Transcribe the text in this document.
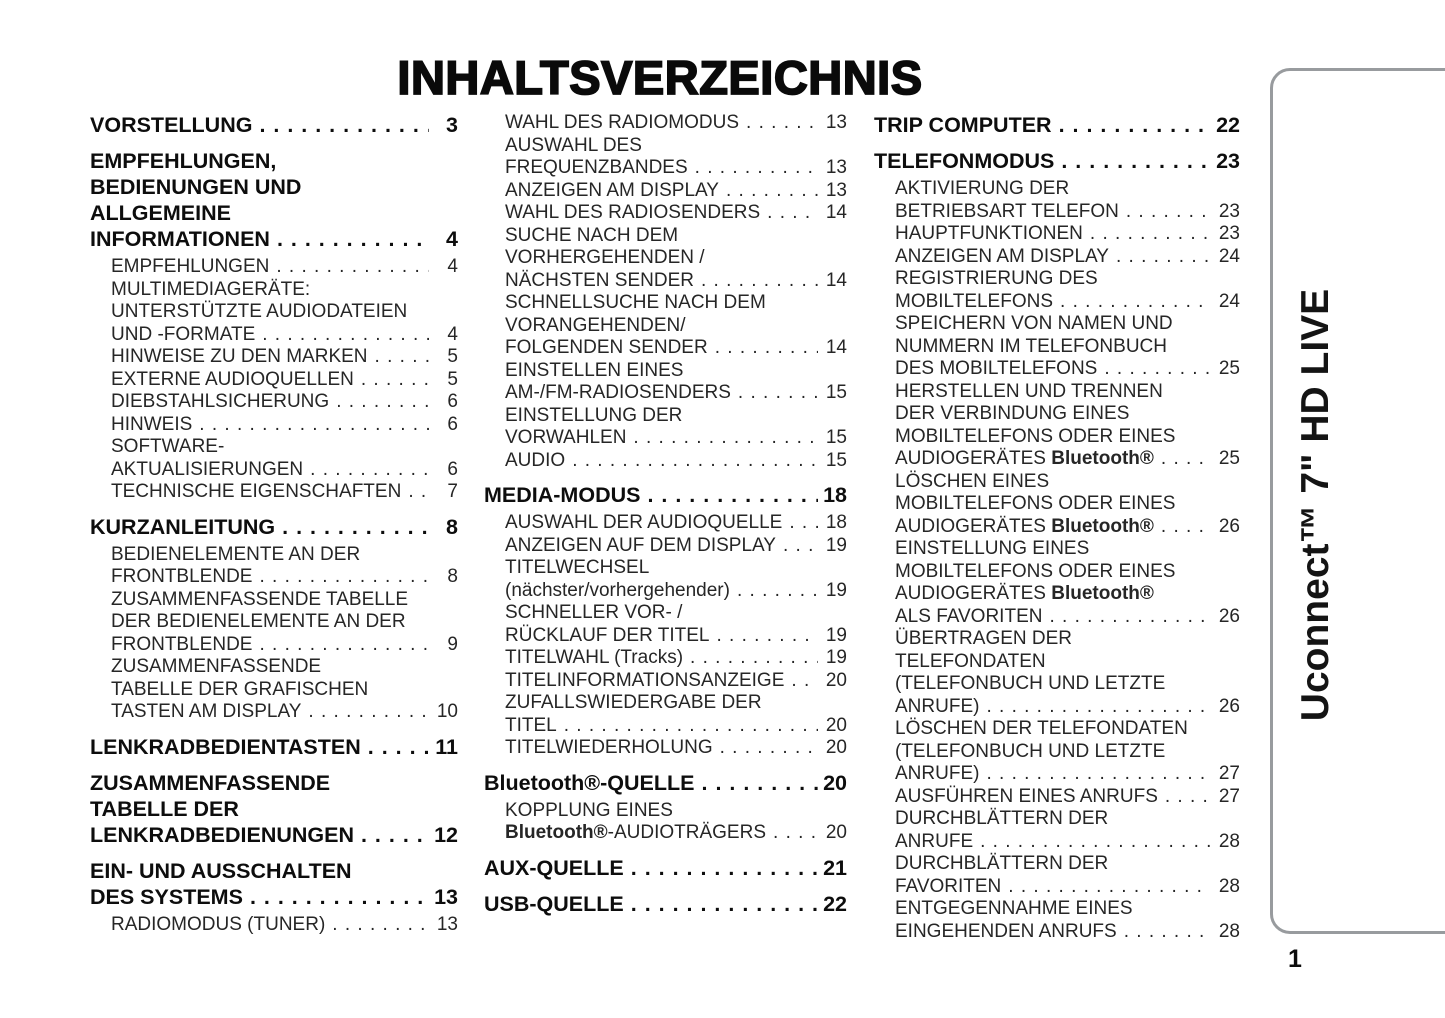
INHALTSVERZEICHNIS
VORSTELLUNG . . .	3
EMPFEHLUNGEN,
BEDIENUNGEN UND
ALLGEMEINE
INFORMATIONEN . . .	4
EMPFEHLUNGEN . . .	4
MULTIMEDIAGERÄTE:
UNTERSTÜTZTE AUDIODATEIEN
UND -FORMATE . . .	4
HINWEISE ZU DEN MARKEN . . .	5
EXTERNE AUDIOQUELLEN . . .	5
DIEBSTAHLSICHERUNG . . .	6
HINWEIS . . .	6
SOFTWARE-
AKTUALISIERUNGEN . . .	6
TECHNISCHE EIGENSCHAFTEN . . .	7
KURZANLEITUNG . . .	8
BEDIENELEMENTE AN DER
FRONTBLENDE . . .	8
ZUSAMMENFASSENDE TABELLE
DER BEDIENELEMENTE AN DER
FRONTBLENDE . . .	9
ZUSAMMENFASSENDE
TABELLE DER GRAFISCHEN
TASTEN AM DISPLAY . . .	10
LENKRADBEDIENTASTEN . . .	11
ZUSAMMENFASSENDE
TABELLE DER
LENKRADBEDIENUNGEN . . .	12
EIN- UND AUSSCHALTEN
DES SYSTEMS . . .	13
RADIOMODUS (TUNER) . . .	13
WAHL DES RADIOMODUS . . .	13
AUSWAHL DES
FREQUENZBANDES . . .	13
ANZEIGEN AM DISPLAY . . .	13
WAHL DES RADIOSENDERS . . .	14
SUCHE NACH DEM
VORHERGEHENDEN /
NÄCHSTEN SENDER . . .	14
SCHNELLSUCHE NACH DEM
VORANGEHENDEN/
FOLGENDEN SENDER . . .	14
EINSTELLEN EINES
AM-/FM-RADIOSENDERS . . .	15
EINSTELLUNG DER
VORWAHLEN . . .	15
AUDIO . . .	15
MEDIA-MODUS . . .	18
AUSWAHL DER AUDIOQUELLE . . . 18
ANZEIGEN AUF DEM DISPLAY . . .	19
TITELWECHSEL
(nächster/vorhergehender) . . .	19
SCHNELLER VOR- /
RÜCKLAUF DER TITEL . . .	19
TITELWAHL (Tracks) . . .	19
TITELINFORMATIONSANZEIGE . . . 20
ZUFALLSWIEDERGABE DER
TITEL . . .	20
TITELWIEDERHOLUNG . . .	20
Bluetooth®-QUELLE . . .	20
KOPPLUNG EINES
Bluetooth®-AUDIOTRÄGERS . . .	20
AUX-QUELLE . . .	21
USB-QUELLE . . .	22
TRIP COMPUTER . . .	22
TELEFONMODUS . . .	23
AKTIVIERUNG DER
BETRIEBSART TELEFON . . .	23
HAUPTFUNKTIONEN . . .	23
ANZEIGEN AM DISPLAY . . .	24
REGISTRIERUNG DES
MOBILTELEFONS . . .	24
SPEICHERN VON NAMEN UND
NUMMERN IM TELEFONBUCH
DES MOBILTELEFONS . . .	25
HERSTELLEN UND TRENNEN
DER VERBINDUNG EINES
MOBILTELEFONS ODER EINES
AUDIOGERÄTES Bluetooth® . . .	25
LÖSCHEN EINES
MOBILTELEFONS ODER EINES
AUDIOGERÄTES Bluetooth® . . .	26
EINSTELLUNG EINES
MOBILTELEFONS ODER EINES
AUDIOGERÄTES Bluetooth®
ALS FAVORITEN . . .	26
ÜBERTRAGEN DER
TELEFONDATEN
(TELEFONBUCH UND LETZTE
ANRUFE) . . .	26
LÖSCHEN DER TELEFONDATEN
(TELEFONBUCH UND LETZTE
ANRUFE) . . .	27
AUSFÜHREN EINES ANRUFS . . .	27
DURCHBLÄTTERN DER
ANRUFE . . .	28
DURCHBLÄTTERN DER
FAVORITEN . . .	28
ENTGEGENNAHME EINES
EINGEHENDEN ANRUFS . . .	28
Uconnect™ 7" HD LIVE
1
